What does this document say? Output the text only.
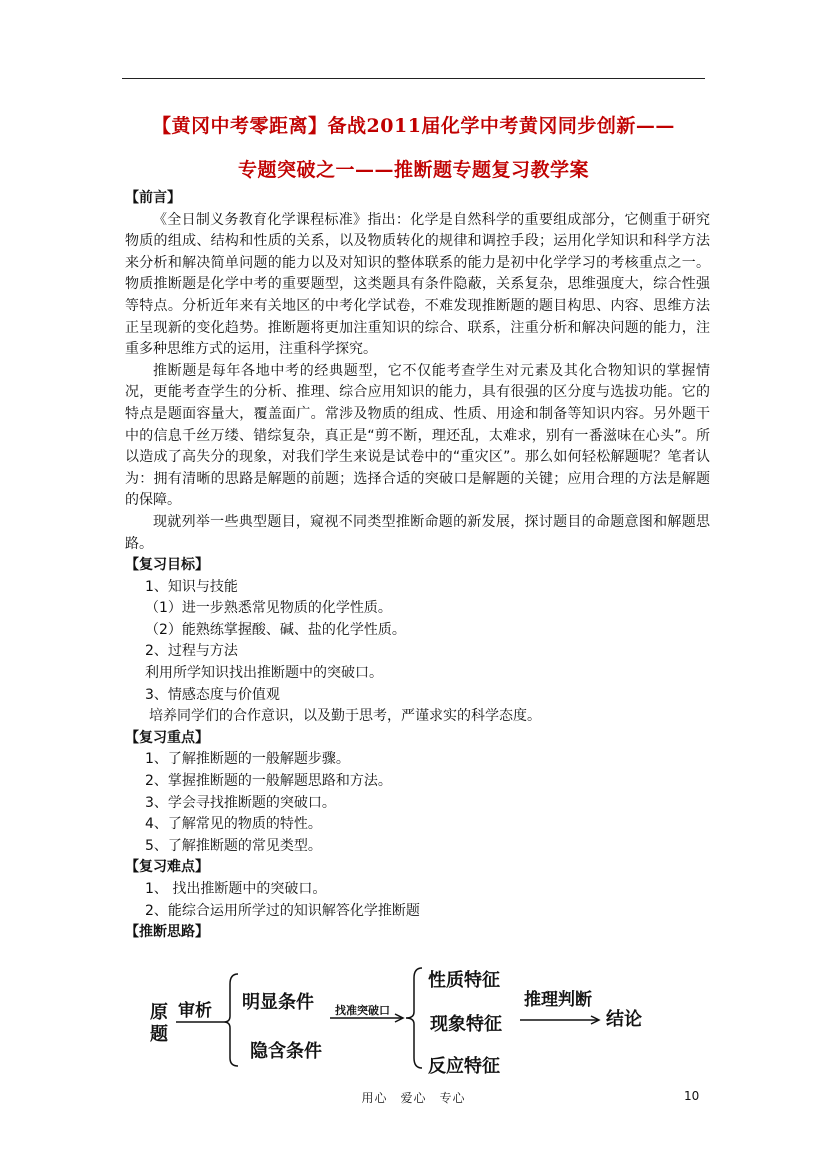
【黄冈中考零距离】备战2011届化学中考黄冈同步创新——
专题突破之一——推断题专题复习教学案
【前言】

《全日制义务教育化学课程标准》指出：化学是自然科学的重要组成部分，它侧重于研究物质的组成、结构和性质的关系，以及物质转化的规律和调控手段；运用化学知识和科学方法来分析和解决简单问题的能力以及对知识的整体联系的能力是初中化学学习的考核重点之一。物质推断题是化学中考的重要题型，这类题具有条件隐蔽，关系复杂，思维强度大，综合性强等特点。分析近年来有关地区的中考化学试卷，不难发现推断题的题目构思、内容、思维方法正呈现新的变化趋势。推断题将更加注重知识的综合、联系，注重分析和解决问题的能力，注重多种思维方式的运用，注重科学探究。

推断题是每年各地中考的经典题型，它不仅能考查学生对元素及其化合物知识的掌握情况，更能考查学生的分析、推理、综合应用知识的能力，具有很强的区分度与选拔功能。它的特点是题面容量大，覆盖面广。常涉及物质的组成、性质、用途和制备等知识内容。另外题干中的信息千丝万缕、错综复杂，真正是“剪不断，理还乱，太难求，别有一番滋味在心头”。所以造成了高失分的现象，对我们学生来说是试卷中的“重灾区”。那么如何轻松解题呢？笔者认为：拥有清晰的思路是解题的前题；选择合适的突破口是解题的关键；应用合理的方法是解题的保障。

现就列举一些典型题目，窥视不同类型推断命题的新发展，探讨题目的命题意图和解题思路。

【复习目标】

1、知识与技能

（1）进一步熟悉常见物质的化学性质。

（2）能熟练掌握酸、碱、盐的化学性质。

2、过程与方法

利用所学知识找出推断题中的突破口。

3、情感态度与价值观

培养同学们的合作意识，以及勤于思考，严谨求实的科学态度。

【复习重点】

1、了解推断题的一般解题步骤。

2、掌握推断题的一般解题思路和方法。

3、学会寻找推断题的突破口。

4、了解常见的物质的特性。

5、了解推断题的常见类型。

【复习难点】

1、 找出推断题中的突破口。

2、能综合运用所学过的知识解答化学推断题

【推断思路】
原
题
审析 明显条件
隐含条件
找准突破口
性质特征
现象特征
反应特征
推理判断
结论
用心　爱心　专心	10
